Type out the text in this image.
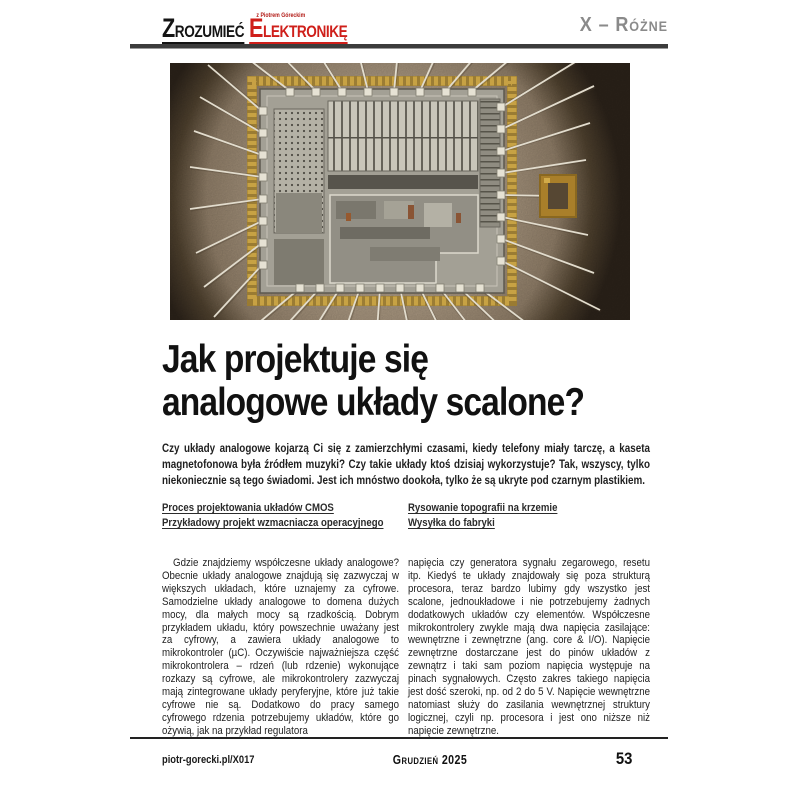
z Piotrem Góreckim
ZROZUMIEĆ ELEKTRONIKĘ	X – Różne
Jak projektuje się
analogowe układy scalone?

Czy układy analogowe kojarzą Ci się z zamierzchłymi czasami, kiedy telefony miały tarczę, a kaseta magnetofonowa była źródłem muzyki? Czy takie układy ktoś dzisiaj wykorzystuje? Tak, wszyscy, tylko niekoniecznie są tego świadomi. Jest ich mnóstwo dookoła, tylko że są ukryte pod czarnym plastikiem.

Proces projektowania układów CMOS
Przykładowy projekt wzmacniacza operacyjnego
Rysowanie topografii na krzemie
Wysyłka do fabryki
Gdzie znajdziemy współczesne układy analogowe? Obecnie układy analogowe znajdują się zazwyczaj w większych układach, które uznajemy za cyfrowe. Samodzielne układy analogowe to domena dużych mocy, dla małych mocy są rzadkością. Dobrym przykładem układu, który powszechnie uważany jest za cyfrowy, a zawiera układy analogowe to mikrokontroler (µC). Oczywiście najważniejsza część mikrokontrolera – rdzeń (lub rdzenie) wykonujące rozkazy są cyfrowe, ale mikrokontrolery zazwyczaj mają zintegrowane układy peryferyjne, które już takie cyfrowe nie są. Dodatkowo do pracy samego cyfrowego rdzenia potrzebujemy układów, które go ożywią, jak na przykład regulatora
napięcia czy generatora sygnału zegarowego, resetu itp. Kiedyś te układy znajdowały się poza strukturą procesora, teraz bardzo lubimy gdy wszystko jest scalone, jednoukładowe i nie potrzebujemy żadnych dodatkowych układów czy elementów. Współczesne mikrokontrolery zwykle mają dwa napięcia zasilające: wewnętrzne i zewnętrzne (ang. core & I/O). Napięcie zewnętrzne dostarczane jest do pinów układów z zewnątrz i taki sam poziom napięcia występuje na pinach sygnałowych. Często zakres takiego napięcia jest dość szeroki, np. od 2 do 5 V. Napięcie wewnętrzne natomiast służy do zasilania wewnętrznej struktury logicznej, czyli np. procesora i jest ono niższe niż napięcie zewnętrzne.
piotr-gorecki.pl/X017	Grudzień 2025	53
